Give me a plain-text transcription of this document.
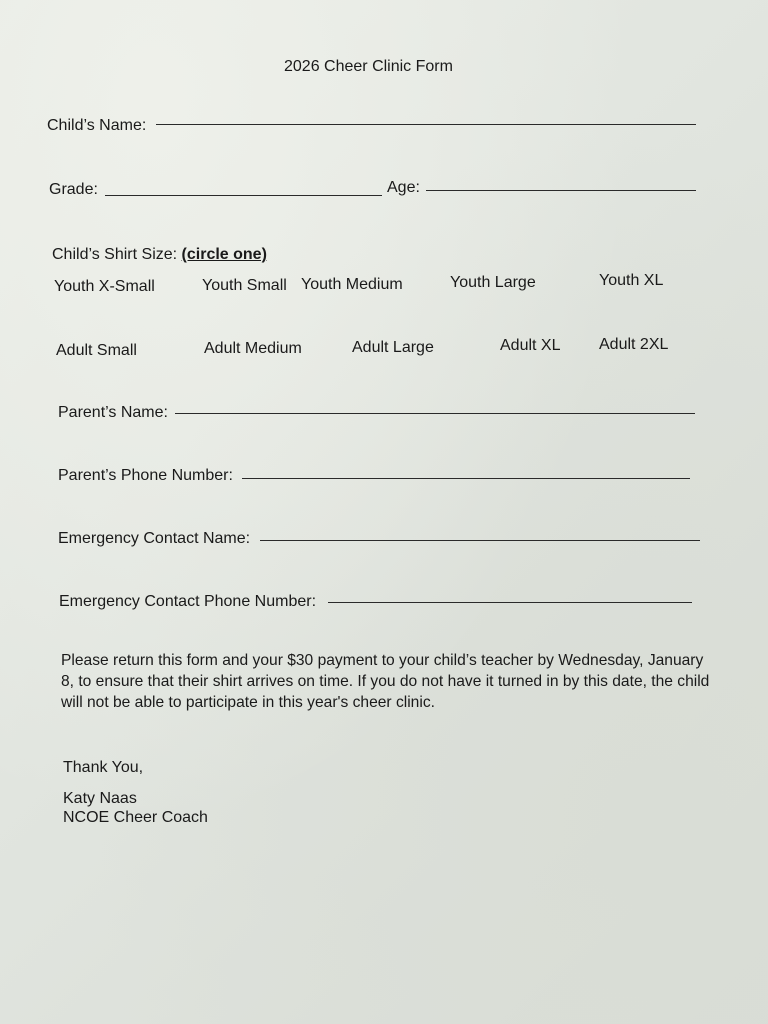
2026 Cheer Clinic Form
Child’s Name:
Grade:	Age:
Child’s Shirt Size: (circle one)
Youth X-Small	Youth Small Youth Medium	Youth Large	Youth XL
Adult Small	Adult Medium	Adult Large	Adult XL Adult 2XL
Parent’s Name:
Parent’s Phone Number:
Emergency Contact Name:
Emergency Contact Phone Number:
Please return this form and your $30 payment to your child’s teacher by Wednesday, January 8, to ensure that their shirt arrives on time. If you do not have it turned in by this date, the child will not be able to participate in this year's cheer clinic.
Thank You,
Katy Naas
NCOE Cheer Coach
